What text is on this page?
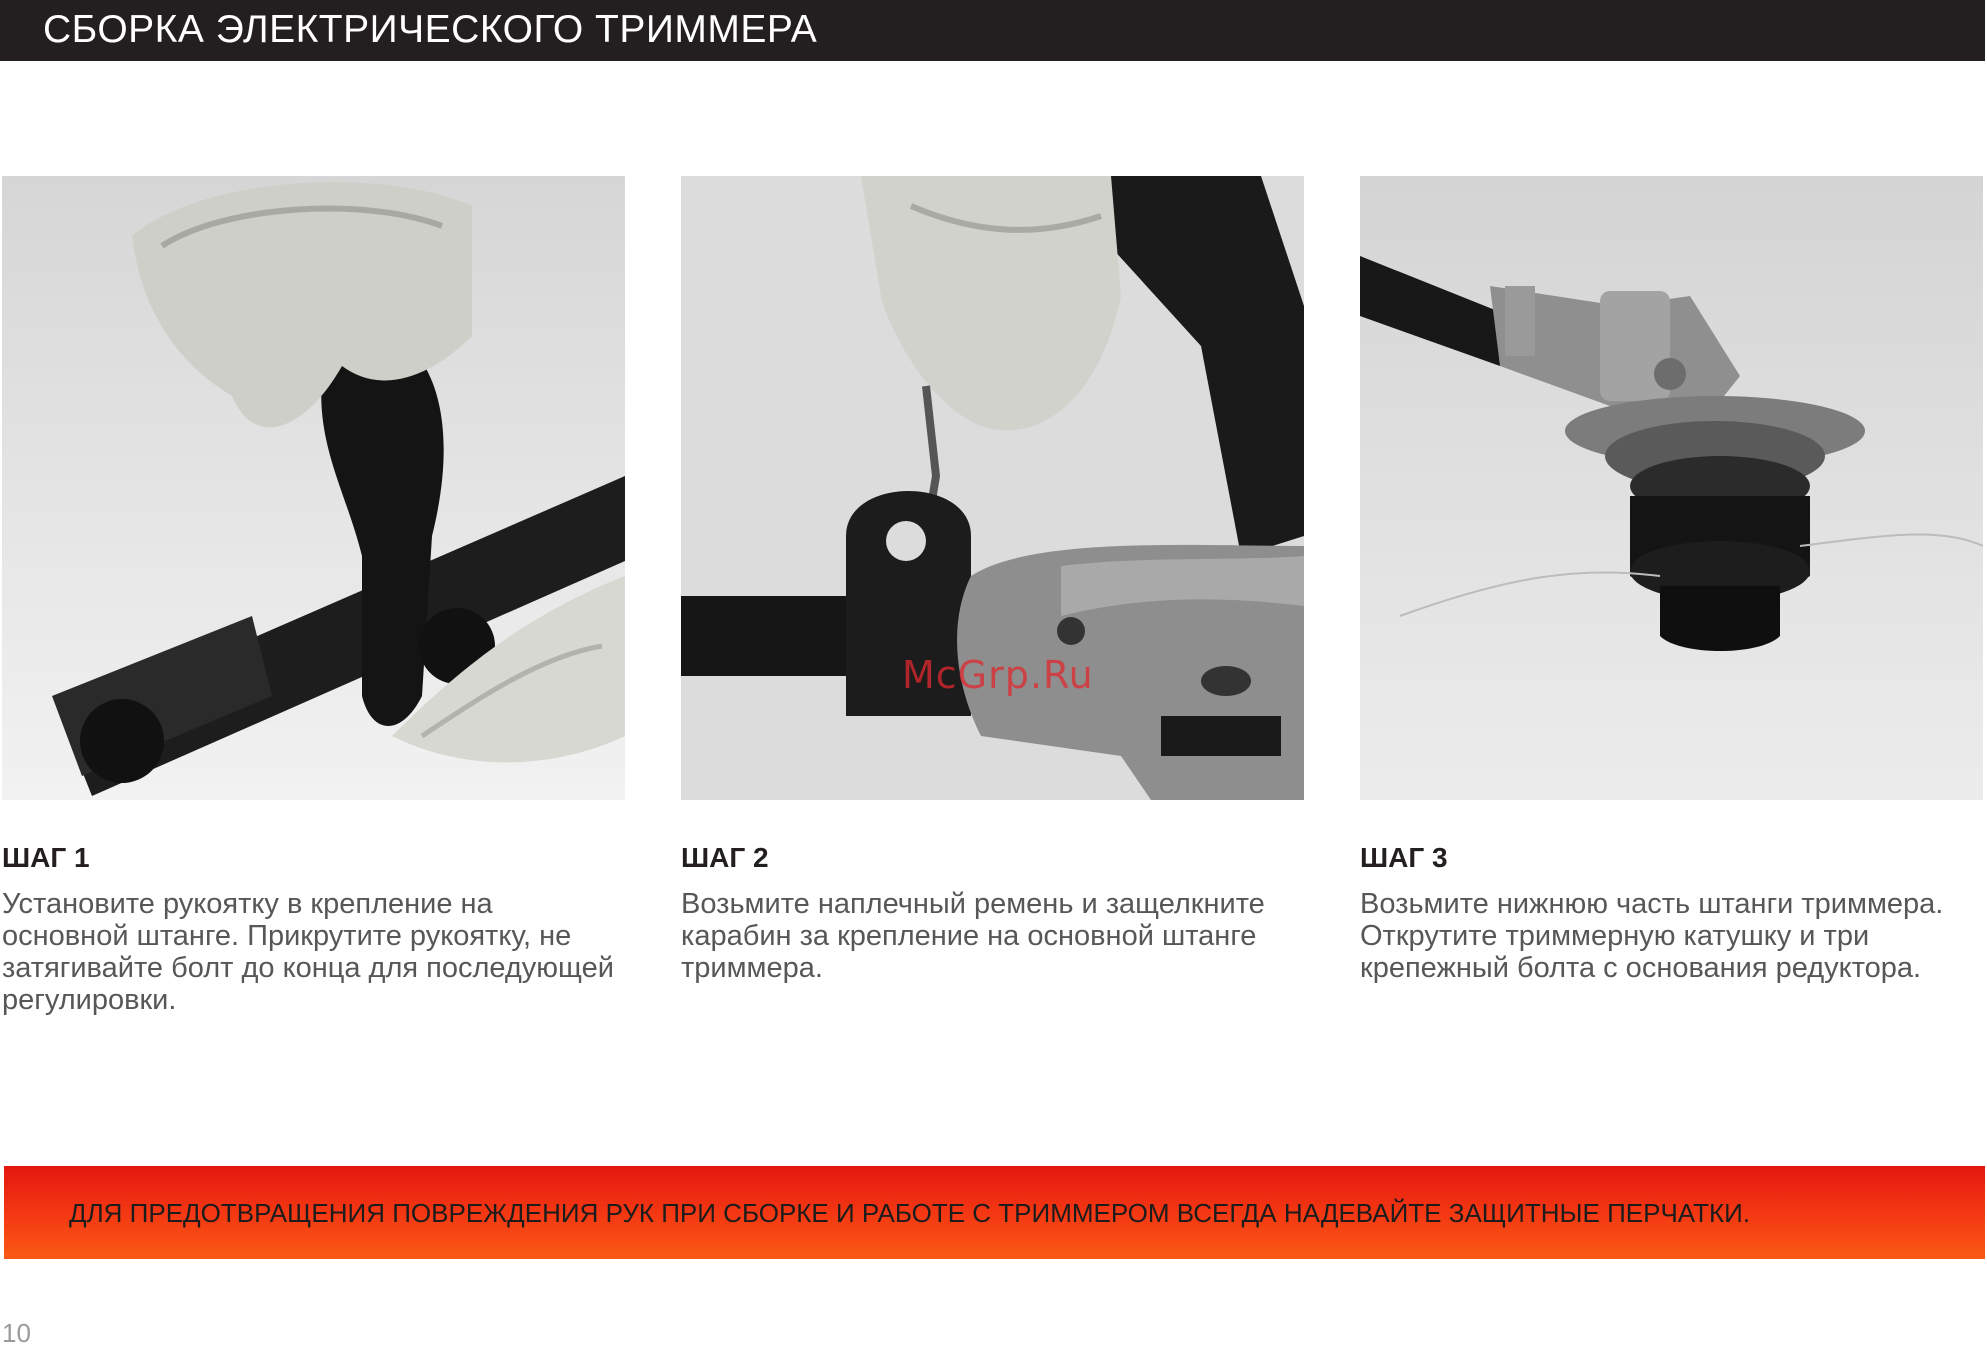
СБОРКА ЭЛЕКТРИЧЕСКОГО ТРИММЕРА
McGrp.Ru
ШАГ 1

Установите рукоятку в крепление на основной штанге. Прикрутите рукоятку, не затягивайте болт до конца для последующей регулировки.

ШАГ 2

Возьмите наплечный ремень и защелкните карабин за крепление на основной штанге триммера.

ШАГ 3

Возьмите нижнюю часть штанги триммера. Открутите триммерную катушку и три крепежный болта с основания редуктора.

ДЛЯ ПРЕДОТВРАЩЕНИЯ ПОВРЕЖДЕНИЯ РУК ПРИ СБОРКЕ И РАБОТЕ С ТРИММЕРОМ ВСЕГДА НАДЕВАЙТЕ ЗАЩИТНЫЕ ПЕРЧАТКИ.
10
